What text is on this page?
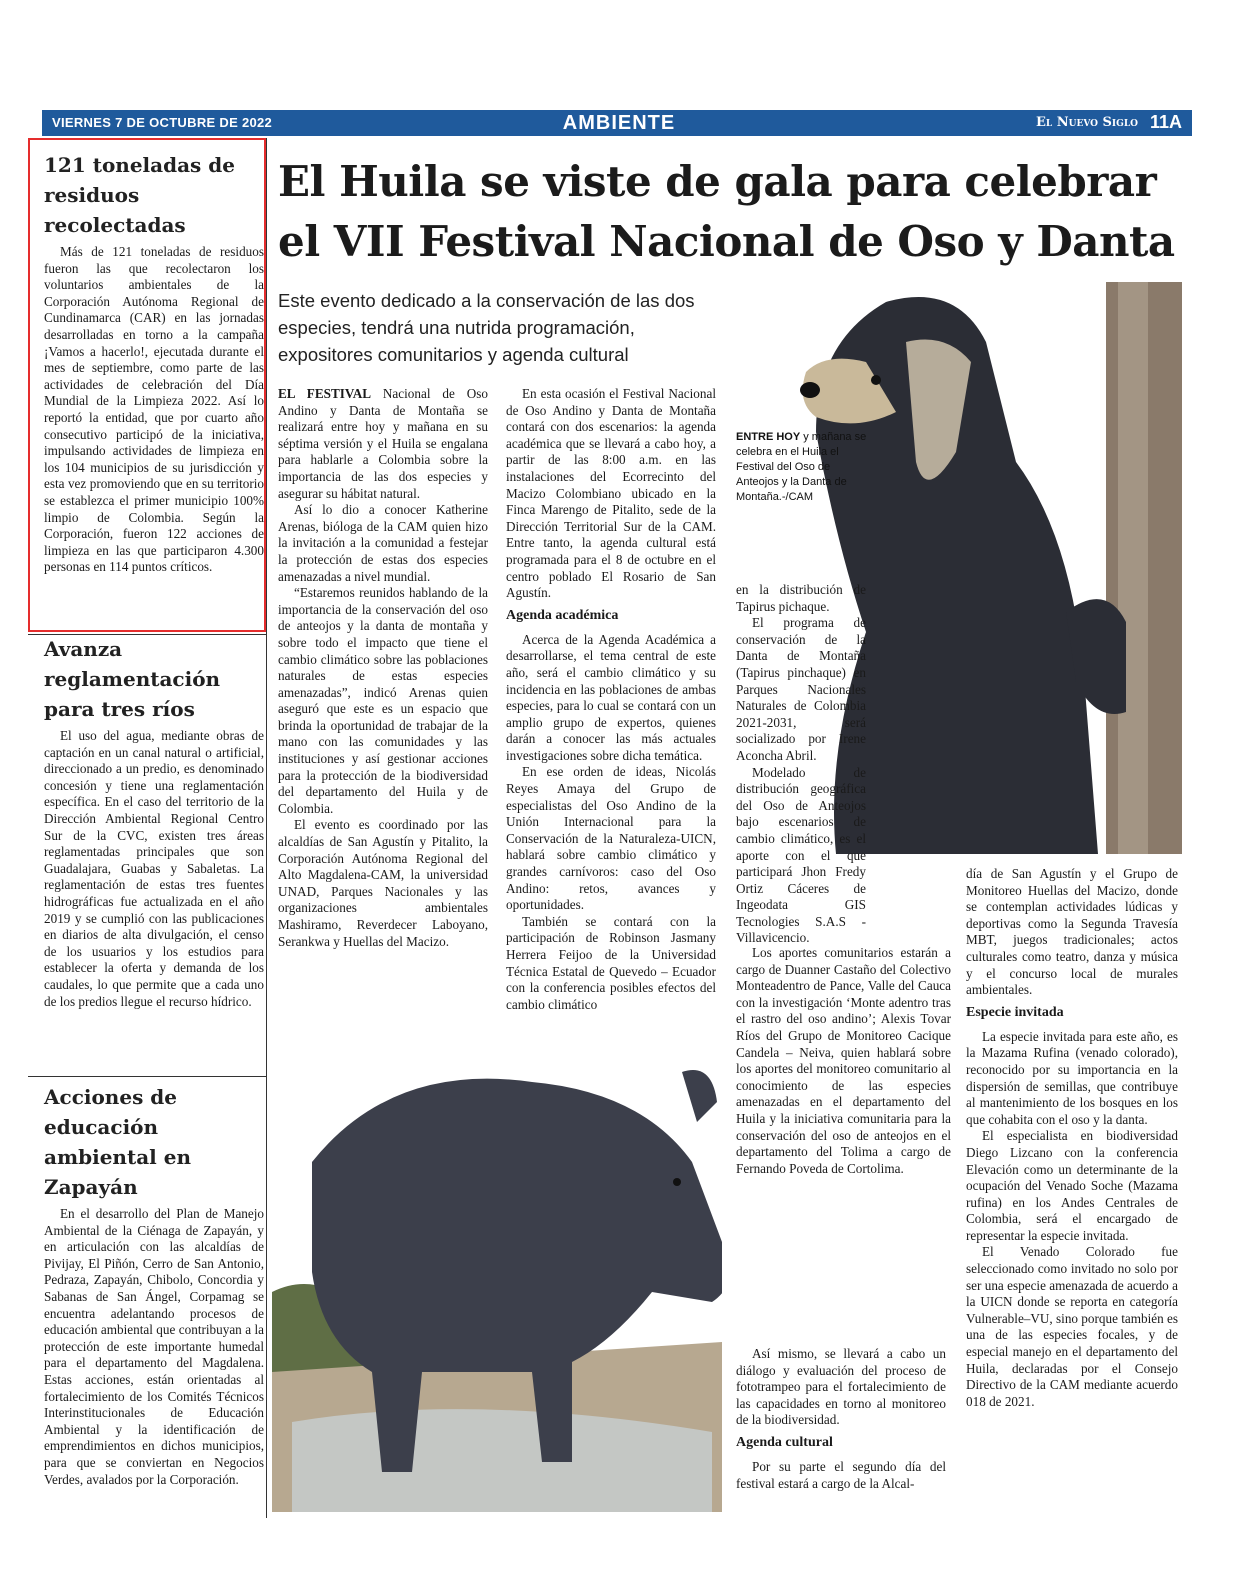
VIERNES 7 DE OCTUBRE DE 2022	AMBIENTE	El Nuevo Siglo 11A
121 toneladas de residuos recolectadas

Más de 121 toneladas de residuos fueron las que recolectaron los voluntarios ambientales de la Corporación Autónoma Regional de Cundinamarca (CAR) en las jornadas desarrolladas en torno a la campaña ¡Vamos a hacerlo!, ejecutada durante el mes de septiembre, como parte de las actividades de celebración del Día Mundial de la Limpieza 2022. Así lo reportó la entidad, que por cuarto año consecutivo participó de la iniciativa, impulsando actividades de limpieza en los 104 municipios de su jurisdicción y esta vez promoviendo que en su territorio se establezca el primer municipio 100% limpio de Colombia. Según la Corporación, fueron 122 acciones de limpieza en las que participaron 4.300 personas en 114 puntos críticos.

Avanza reglamentación para tres ríos

El uso del agua, mediante obras de captación en un canal natural o artificial, direccionado a un predio, es denominado concesión y tiene una reglamentación específica. En el caso del territorio de la Dirección Ambiental Regional Centro Sur de la CVC, existen tres áreas reglamentadas principales que son Guadalajara, Guabas y Sabaletas. La reglamentación de estas tres fuentes hidrográficas fue actualizada en el año 2019 y se cumplió con las publicaciones en diarios de alta divulgación, el censo de los usuarios y los estudios para establecer la oferta y demanda de los caudales, lo que permite que a cada uno de los predios llegue el recurso hídrico.

Acciones de educación ambiental en Zapayán

En el desarrollo del Plan de Manejo Ambiental de la Ciénaga de Zapayán, y en articulación con las alcaldías de Pivijay, El Piñón, Cerro de San Antonio, Pedraza, Zapayán, Chibolo, Concordia y Sabanas de San Ángel, Corpamag se encuentra adelantando procesos de educación ambiental que contribuyan a la protección de este importante humedal para el departamento del Magdalena. Estas acciones, están orientadas al fortalecimiento de los Comités Técnicos Interinstitucionales de Educación Ambiental y la identificación de emprendimientos en dichos municipios, para que se conviertan en Negocios Verdes, avalados por la Corporación.

El Huila se viste de gala para celebrar el VII Festival Nacional de Oso y Danta
Este evento dedicado a la conservación de las dos especies, tendrá una nutrida programación, expositores comunitarios y agenda cultural
ENTRE HOY y mañana se celebra en el Huila el Festival del Oso de Anteojos y la Danta de Montaña.-/CAM

EL FESTIVAL Nacional de Oso Andino y Danta de Montaña se realizará entre hoy y mañana en su séptima versión y el Huila se engalana para hablarle a Colombia sobre la importancia de las dos especies y asegurar su hábitat natural.

Así lo dio a conocer Katherine Arenas, bióloga de la CAM quien hizo la invitación a la comunidad a festejar la protección de estas dos especies amenazadas a nivel mundial.

“Estaremos reunidos hablando de la importancia de la conservación del oso de anteojos y la danta de montaña y sobre todo el impacto que tiene el cambio climático sobre las poblaciones naturales de estas especies amenazadas”, indicó Arenas quien aseguró que este es un espacio que brinda la oportunidad de trabajar de la mano con las comunidades y las instituciones y así gestionar acciones para la protección de la biodiversidad del departamento del Huila y de Colombia.

El evento es coordinado por las alcaldías de San Agustín y Pitalito, la Corporación Autónoma Regional del Alto Magdalena-CAM, la universidad UNAD, Parques Nacionales y las organizaciones ambientales Mashiramo, Reverdecer Laboyano, Serankwa y Huellas del Macizo.

En esta ocasión el Festival Nacional de Oso Andino y Danta de Montaña contará con dos escenarios: la agenda académica que se llevará a cabo hoy, a partir de las 8:00 a.m. en las instalaciones del Ecorrecinto del Macizo Colombiano ubicado en la Finca Marengo de Pitalito, sede de la Dirección Territorial Sur de la CAM. Entre tanto, la agenda cultural está programada para el 8 de octubre en el centro poblado El Rosario de San Agustín.

Agenda académica

Acerca de la Agenda Académica a desarrollarse, el tema central de este año, será el cambio climático y su incidencia en las poblaciones de ambas especies, para lo cual se contará con un amplio grupo de expertos, quienes darán a conocer las más actuales investigaciones sobre dicha temática.

En ese orden de ideas, Nicolás Reyes Amaya del Grupo de especialistas del Oso Andino de la Unión Internacional para la Conservación de la Naturaleza-UICN, hablará sobre cambio climático y grandes carnívoros: caso del Oso Andino: retos, avances y oportunidades.

También se contará con la participación de Robinson Jasmany Herrera Feijoo de la Universidad Técnica Estatal de Quevedo – Ecuador con la conferencia posibles efectos del cambio climático

en la distribución de Tapirus pichaque.

El programa de conservación de la Danta de Montaña (Tapirus pinchaque) en Parques Nacionales Naturales de Colombia 2021-2031, será socializado por Irene Aconcha Abril.

Modelado de distribución geográfica del Oso de Anteojos bajo escenarios de cambio climático, es el aporte con el que participará Jhon Fredy Ortiz Cáceres de Ingeodata GIS Tecnologies S.A.S - Villavicencio.

Los aportes comunitarios estarán a cargo de Duanner Castaño del Colectivo Monteadentro de Pance, Valle del Cauca con la investigación ‘Monte adentro tras el rastro del oso andino’; Alexis Tovar Ríos del Grupo de Monitoreo Cacique Candela – Neiva, quien hablará sobre los aportes del monitoreo comunitario al conocimiento de las especies amenazadas en el departamento del Huila y la iniciativa comunitaria para la conservación del oso de anteojos en el departamento del Tolima a cargo de Fernando Poveda de Cortolima.

Así mismo, se llevará a cabo un diálogo y evaluación del proceso de fototrampeo para el fortalecimiento de las capacidades en torno al monitoreo de la biodiversidad.

Agenda cultural

Por su parte el segundo día del festival estará a cargo de la Alcal-

día de San Agustín y el Grupo de Monitoreo Huellas del Macizo, donde se contemplan actividades lúdicas y deportivas como la Segunda Travesía MBT, juegos tradicionales; actos culturales como teatro, danza y música y el concurso local de murales ambientales.

Especie invitada

La especie invitada para este año, es la Mazama Rufina (venado colorado), reconocido por su importancia en la dispersión de semillas, que contribuye al mantenimiento de los bosques en los que cohabita con el oso y la danta.

El especialista en biodiversidad Diego Lizcano con la conferencia Elevación como un determinante de la ocupación del Venado Soche (Mazama rufina) en los Andes Centrales de Colombia, será el encargado de representar la especie invitada.

El Venado Colorado fue seleccionado como invitado no solo por ser una especie amenazada de acuerdo a la UICN donde se reporta en categoría Vulnerable–VU, sino porque también es una de las especies focales, y de especial manejo en el departamento del Huila, declaradas por el Consejo Directivo de la CAM mediante acuerdo 018 de 2021.
